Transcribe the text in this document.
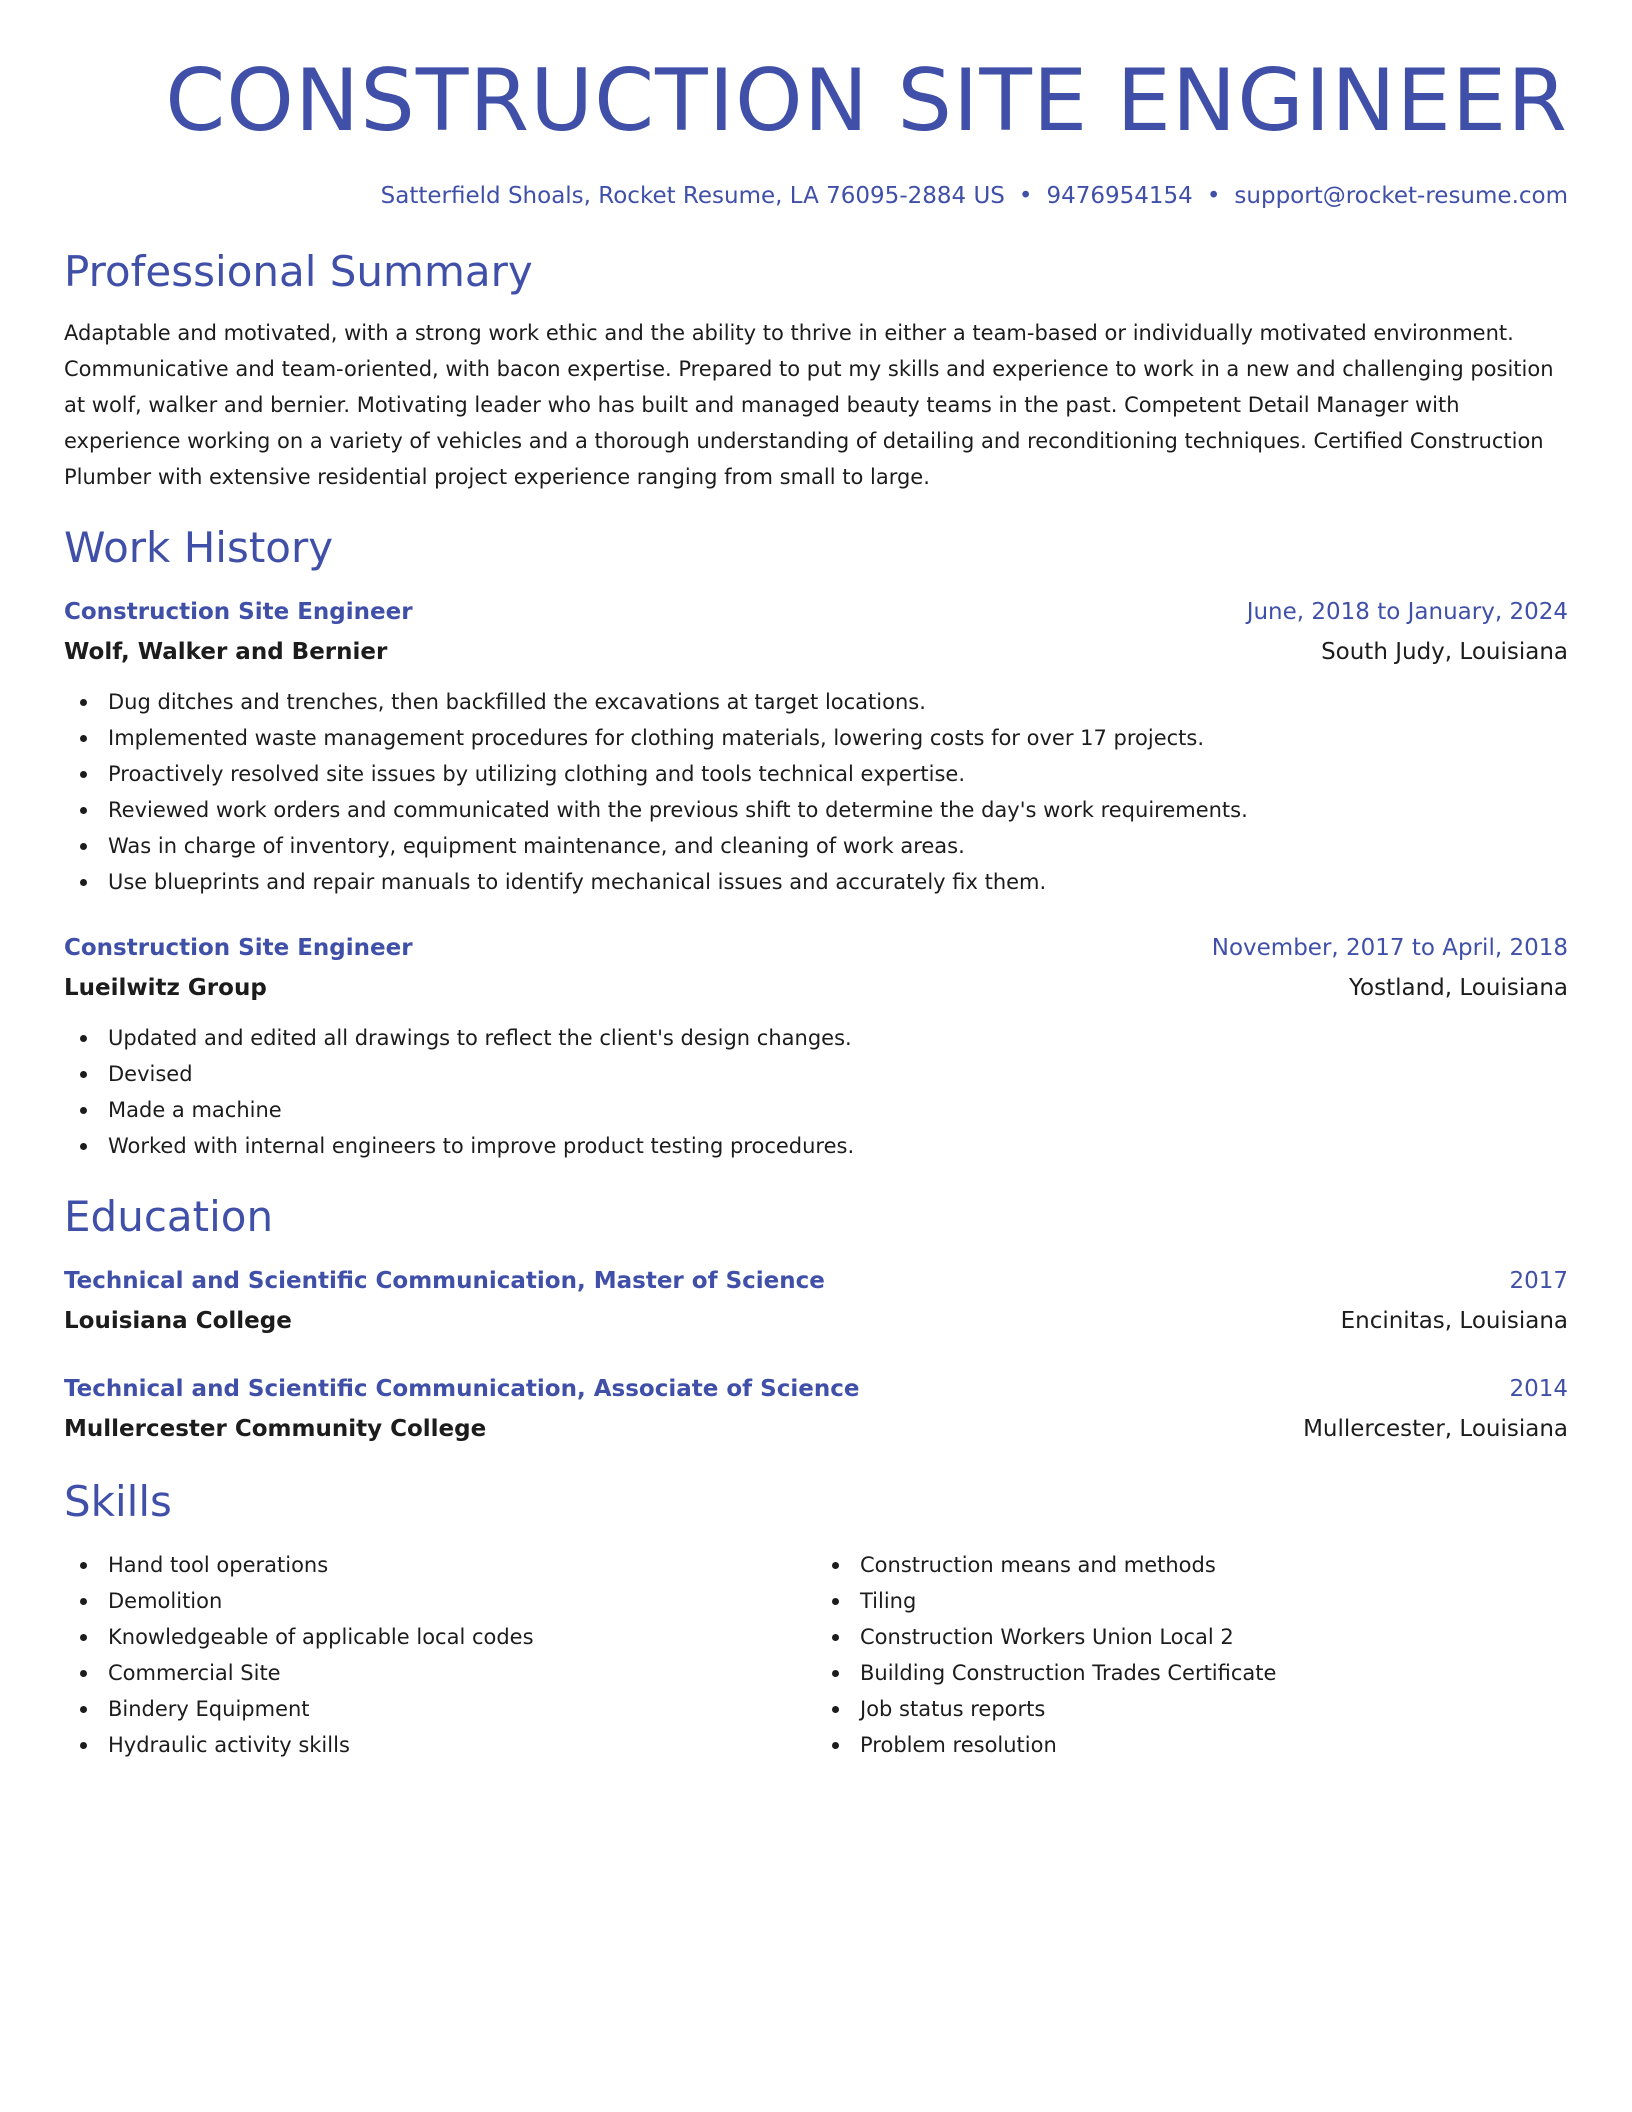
CONSTRUCTION SITE ENGINEER
Satterfield Shoals, Rocket Resume, LA 76095-2884 US • 9476954154 • support@rocket-resume.com
Professional Summary

Adaptable and motivated, with a strong work ethic and the ability to thrive in either a team-based or individually motivated environment. Communicative and team-oriented, with bacon expertise. Prepared to put my skills and experience to work in a new and challenging position at wolf, walker and bernier. Motivating leader who has built and managed beauty teams in the past. Competent Detail Manager with experience working on a variety of vehicles and a thorough understanding of detailing and reconditioning techniques. Certified Construction Plumber with extensive residential project experience ranging from small to large.

Work History
Construction Site Engineer	June, 2018 to January, 2024
Wolf, Walker and Bernier	South Judy, Louisiana
Dug ditches and trenches, then backfilled the excavations at target locations.
Implemented waste management procedures for clothing materials, lowering costs for over 17 projects.
Proactively resolved site issues by utilizing clothing and tools technical expertise.
Reviewed work orders and communicated with the previous shift to determine the day's work requirements.
Was in charge of inventory, equipment maintenance, and cleaning of work areas.
Use blueprints and repair manuals to identify mechanical issues and accurately fix them.
Construction Site Engineer	November, 2017 to April, 2018
Lueilwitz Group	Yostland, Louisiana
Updated and edited all drawings to reflect the client's design changes.
Devised
Made a machine
Worked with internal engineers to improve product testing procedures.
Education
Technical and Scientific Communication, Master of Science	2017
Louisiana College	Encinitas, Louisiana
Technical and Scientific Communication, Associate of Science	2014
Mullercester Community College	Mullercester, Louisiana
Skills
Hand tool operations
Demolition
Knowledgeable of applicable local codes
Commercial Site
Bindery Equipment
Hydraulic activity skills
Construction means and methods
Tiling
Construction Workers Union Local 2
Building Construction Trades Certificate
Job status reports
Problem resolution
